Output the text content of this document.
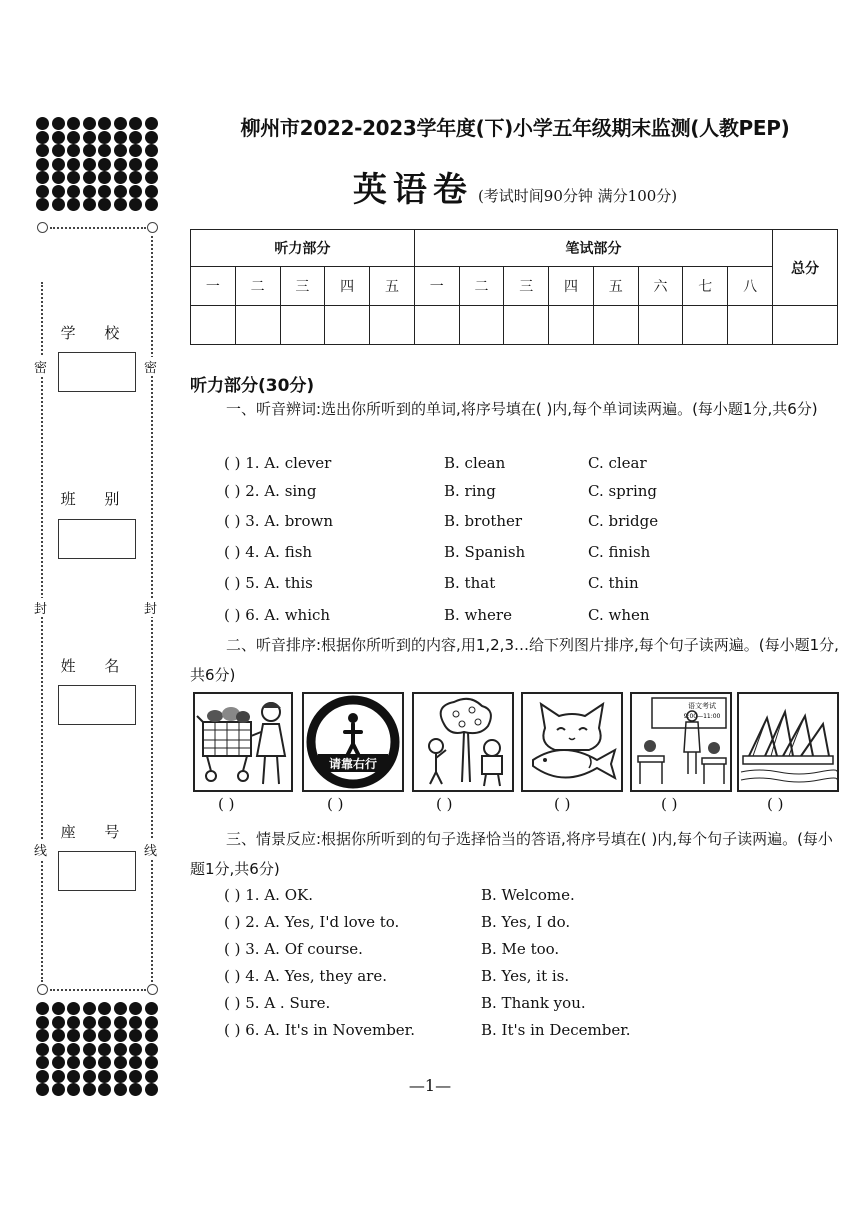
密	密
封	封
线	线
学 校
班 别
姓 名
座 号
柳州市2022-2023学年度(下)小学五年级期末监测(人教PEP)
英语卷 (考试时间90分钟 满分100分)
听力部分					笔试部分								总分
一	二	三	四	五	一	二	三	四	五	六	七	八	

听力部分(30分)
一、听音辨词:选出你所听到的单词,将序号填在( )内,每个单词读两遍。(每小题1分,共6分)
( ) 1. A. clever	B. clean	C. clear
( ) 2. A. sing	B. ring	C. spring
( ) 3. A. brown	B. brother	C. bridge
( ) 4. A. fish	B. Spanish	C. finish
( ) 5. A. this	B. that	C. thin
( ) 6. A. which	B. where	C. when
二、听音排序:根据你所听到的内容,用1,2,3…给下列图片排序,每个句子读两遍。(每小题1分,共6分)
请靠右行
语文考试
9:00—11:00
( )	( )	( )	( )	( )	( )
三、情景反应:根据你所听到的句子选择恰当的答语,将序号填在( )内,每个句子读两遍。(每小题1分,共6分)
( ) 1. A. OK.	B. Welcome.
( ) 2. A. Yes, I'd love to.	B. Yes, I do.
( ) 3. A. Of course.	B. Me too.
( ) 4. A. Yes, they are.	B. Yes, it is.
( ) 5. A . Sure.	B. Thank you.
( ) 6. A. It's in November.	B. It's in December.
—1—
